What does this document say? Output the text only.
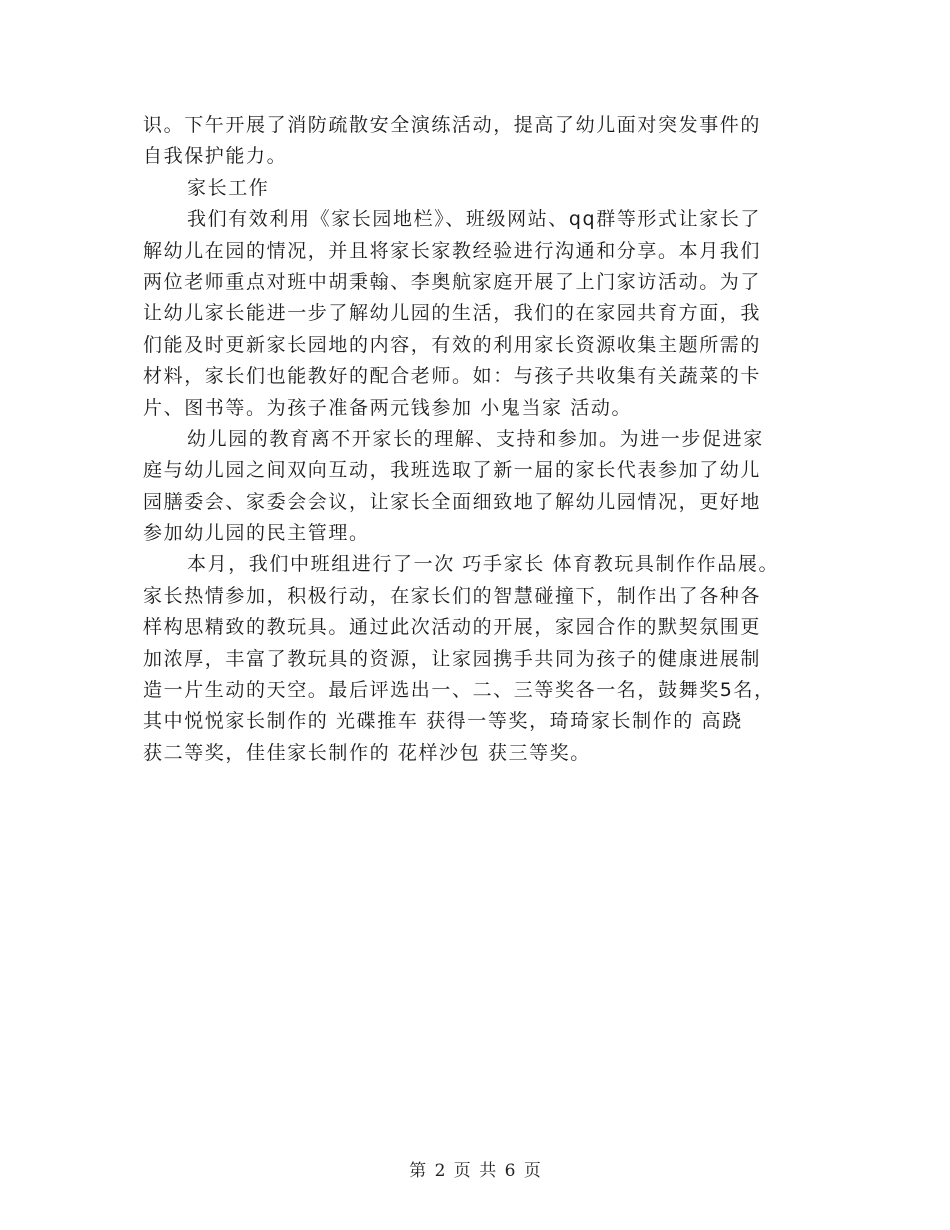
识。下午开展了消防疏散安全演练活动，提高了幼儿面对突发事件的
自我保护能力。
家长工作
我们有效利用《家长园地栏》、班级网站、qq群等形式让家长了
解幼儿在园的情况，并且将家长家教经验进行沟通和分享。本月我们
两位老师重点对班中胡秉翰、李奥航家庭开展了上门家访活动。为了
让幼儿家长能进一步了解幼儿园的生活，我们的在家园共育方面，我
们能及时更新家长园地的内容，有效的利用家长资源收集主题所需的
材料，家长们也能教好的配合老师。如：与孩子共收集有关蔬菜的卡
片、图书等。为孩子准备两元钱参加 小鬼当家 活动。
幼儿园的教育离不开家长的理解、支持和参加。为进一步促进家
庭与幼儿园之间双向互动，我班选取了新一届的家长代表参加了幼儿
园膳委会、家委会会议，让家长全面细致地了解幼儿园情况，更好地
参加幼儿园的民主管理。
本月，我们中班组进行了一次 巧手家长 体育教玩具制作作品展。
家长热情参加，积极行动，在家长们的智慧碰撞下，制作出了各种各
样构思精致的教玩具。通过此次活动的开展，家园合作的默契氛围更
加浓厚，丰富了教玩具的资源，让家园携手共同为孩子的健康进展制
造一片生动的天空。最后评选出一、二、三等奖各一名，鼓舞奖5名，
其中悦悦家长制作的 光碟推车 获得一等奖，琦琦家长制作的 高跷
获二等奖，佳佳家长制作的 花样沙包 获三等奖。
第 2 页 共 6 页
